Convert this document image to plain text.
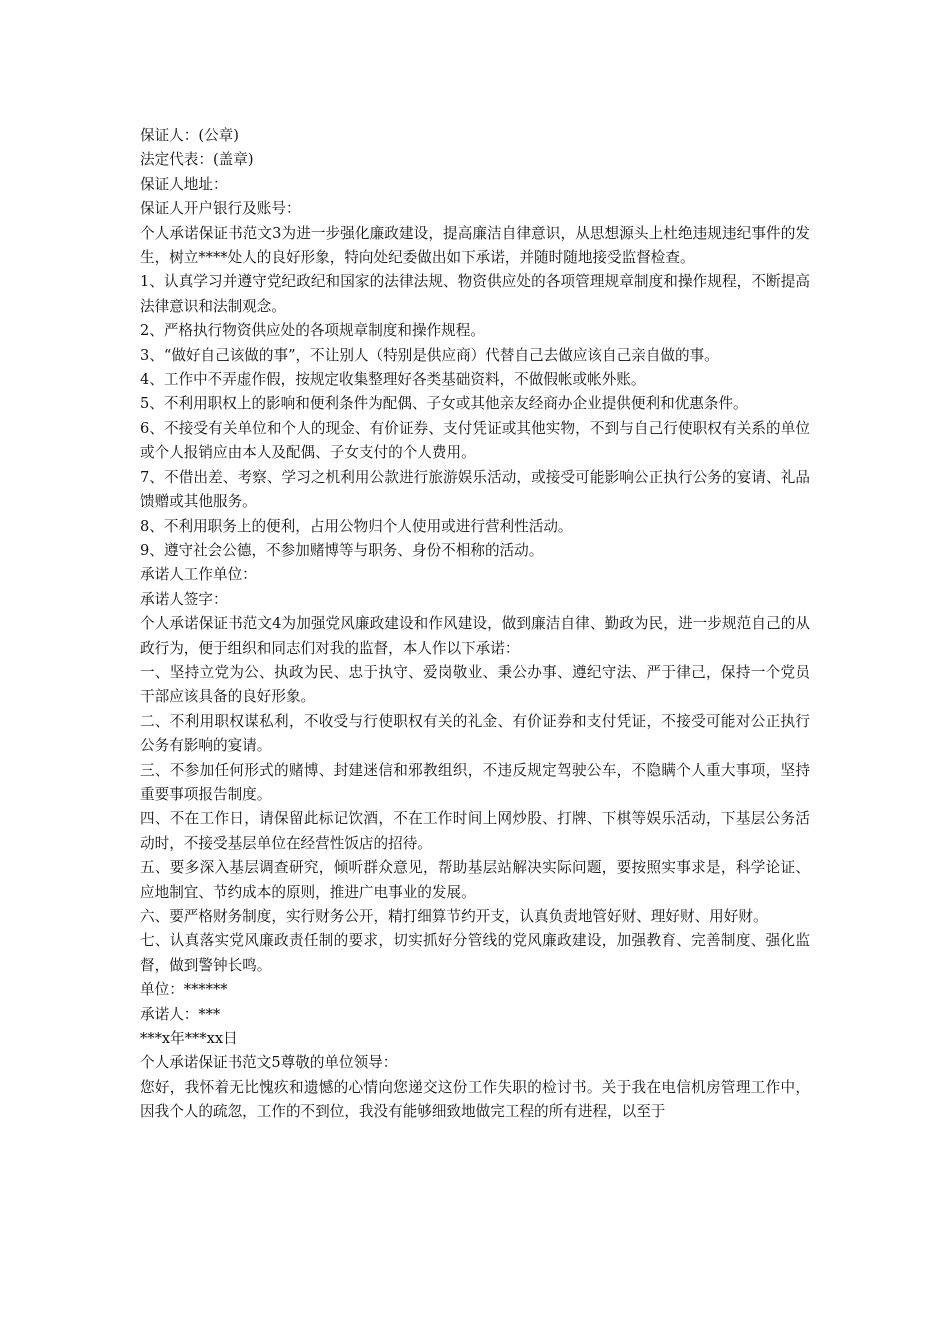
保证人：(公章)

法定代表：(盖章)

保证人地址：

保证人开户银行及账号：

个人承诺保证书范文3为进一步强化廉政建设，提高廉洁自律意识，从思想源头上杜绝违规违纪事件的发生，树立****处人的良好形象，特向处纪委做出如下承诺，并随时随地接受监督检查。

1、认真学习并遵守党纪政纪和国家的法律法规、物资供应处的各项管理规章制度和操作规程，不断提高法律意识和法制观念。

2、严格执行物资供应处的各项规章制度和操作规程。

3、“做好自己该做的事”，不让别人（特别是供应商）代替自己去做应该自己亲自做的事。

4、工作中不弄虚作假，按规定收集整理好各类基础资料，不做假帐或帐外账。

5、不利用职权上的影响和便利条件为配偶、子女或其他亲友经商办企业提供便利和优惠条件。

6、不接受有关单位和个人的现金、有价证券、支付凭证或其他实物，不到与自己行使职权有关系的单位或个人报销应由本人及配偶、子女支付的个人费用。

7、不借出差、考察、学习之机利用公款进行旅游娱乐活动，或接受可能影响公正执行公务的宴请、礼品馈赠或其他服务。

8、不利用职务上的便利，占用公物归个人使用或进行营利性活动。

9、遵守社会公德，不参加赌博等与职务、身份不相称的活动。

承诺人工作单位：

承诺人签字：

个人承诺保证书范文4为加强党风廉政建设和作风建设，做到廉洁自律、勤政为民，进一步规范自己的从政行为，便于组织和同志们对我的监督，本人作以下承诺：

一、坚持立党为公、执政为民、忠于执守、爱岗敬业、秉公办事、遵纪守法、严于律己，保持一个党员干部应该具备的良好形象。

二、不利用职权谋私利，不收受与行使职权有关的礼金、有价证券和支付凭证，不接受可能对公正执行公务有影响的宴请。

三、不参加任何形式的赌博、封建迷信和邪教组织，不违反规定驾驶公车，不隐瞒个人重大事项，坚持重要事项报告制度。

四、不在工作日，请保留此标记饮酒，不在工作时间上网炒股、打牌、下棋等娱乐活动，下基层公务活动时，不接受基层单位在经营性饭店的招待。

五、要多深入基层调查研究，倾听群众意见，帮助基层站解决实际问题，要按照实事求是，科学论证、应地制宜、节约成本的原则，推进广电事业的发展。

六、要严格财务制度，实行财务公开，精打细算节约开支，认真负责地管好财、理好财、用好财。

七、认真落实党风廉政责任制的要求，切实抓好分管线的党风廉政建设，加强教育、完善制度、强化监督，做到警钟长鸣。

单位：******

承诺人：***

***x年***xx日

个人承诺保证书范文5尊敬的单位领导：

您好，我怀着无比愧疚和遗憾的心情向您递交这份工作失职的检讨书。关于我在电信机房管理工作中，因我个人的疏忽，工作的不到位，我没有能够细致地做完工程的所有进程，以至于
